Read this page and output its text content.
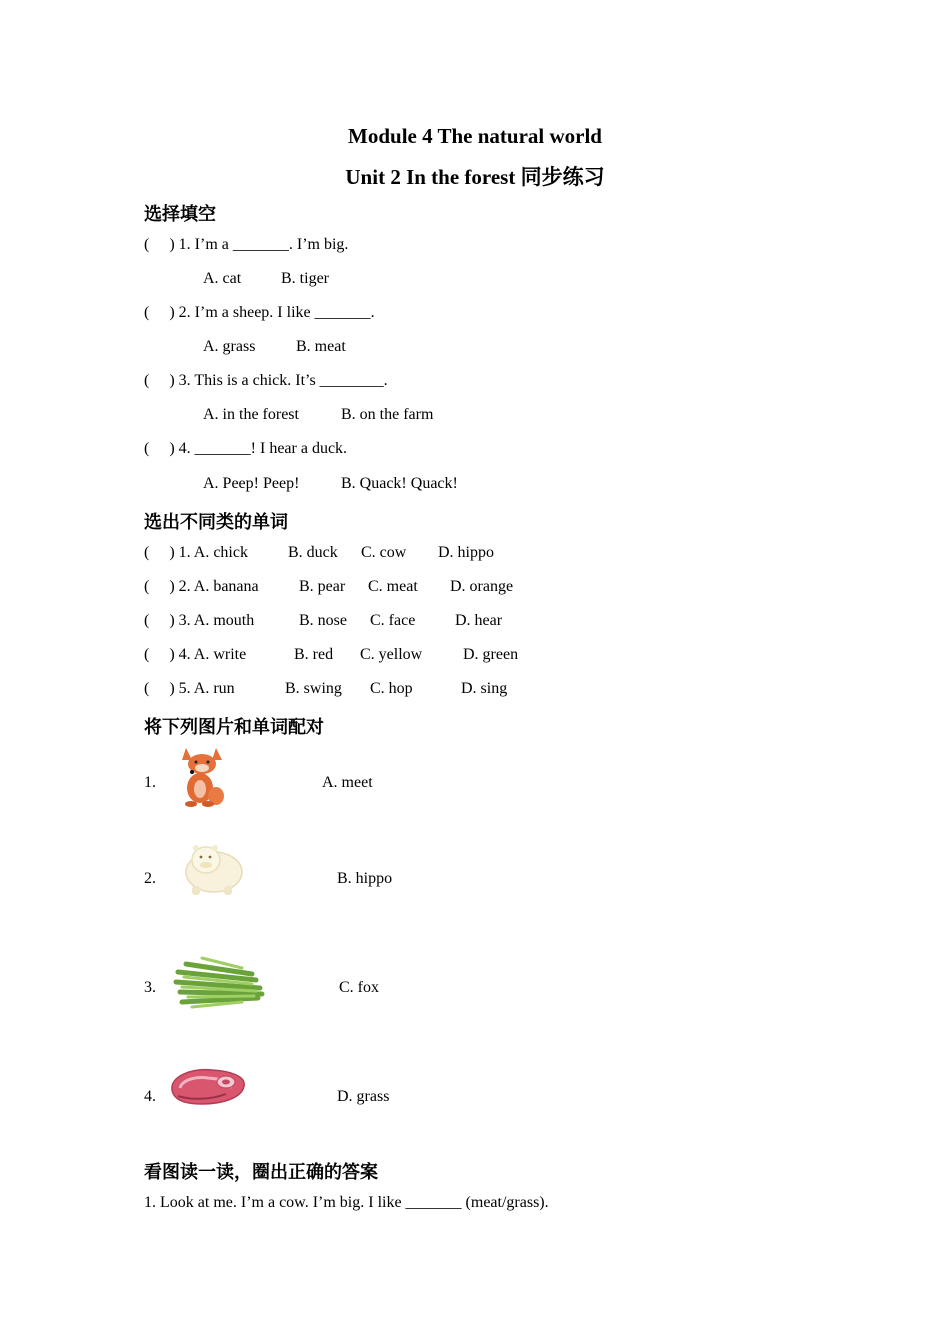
Module 4 The natural world
Unit 2 In the forest 同步练习
选择填空
(     ) 1. I’m a _______. I’m big.
A. cat B. tiger
(     ) 2. I’m a sheep. I like _______.
A. grass	B. meat
(     ) 3. This is a chick. It’s ________.
A. in the forest	B. on the farm
(     ) 4. _______! I hear a duck.
A. Peep! Peep!	B. Quack! Quack!
选出不同类的单词
(     ) 1. A. chick	B. duck C. cow D. hippo
(     ) 2. A. banana	B. pear C. meat D. orange
(     ) 3. A. mouth	B. nose C. face D. hear
(     ) 4. A. write	B. red C. yellow	D. green
(     ) 5. A. run	B. swing C. hop	D. sing
将下列图片和单词配对
1.	A. meet
2.	B. hippo
3.	C. fox
4.	D. grass
看图读一读，圈出正确的答案
1. Look at me. I’m a cow. I’m big. I like _______ (meat/grass).
